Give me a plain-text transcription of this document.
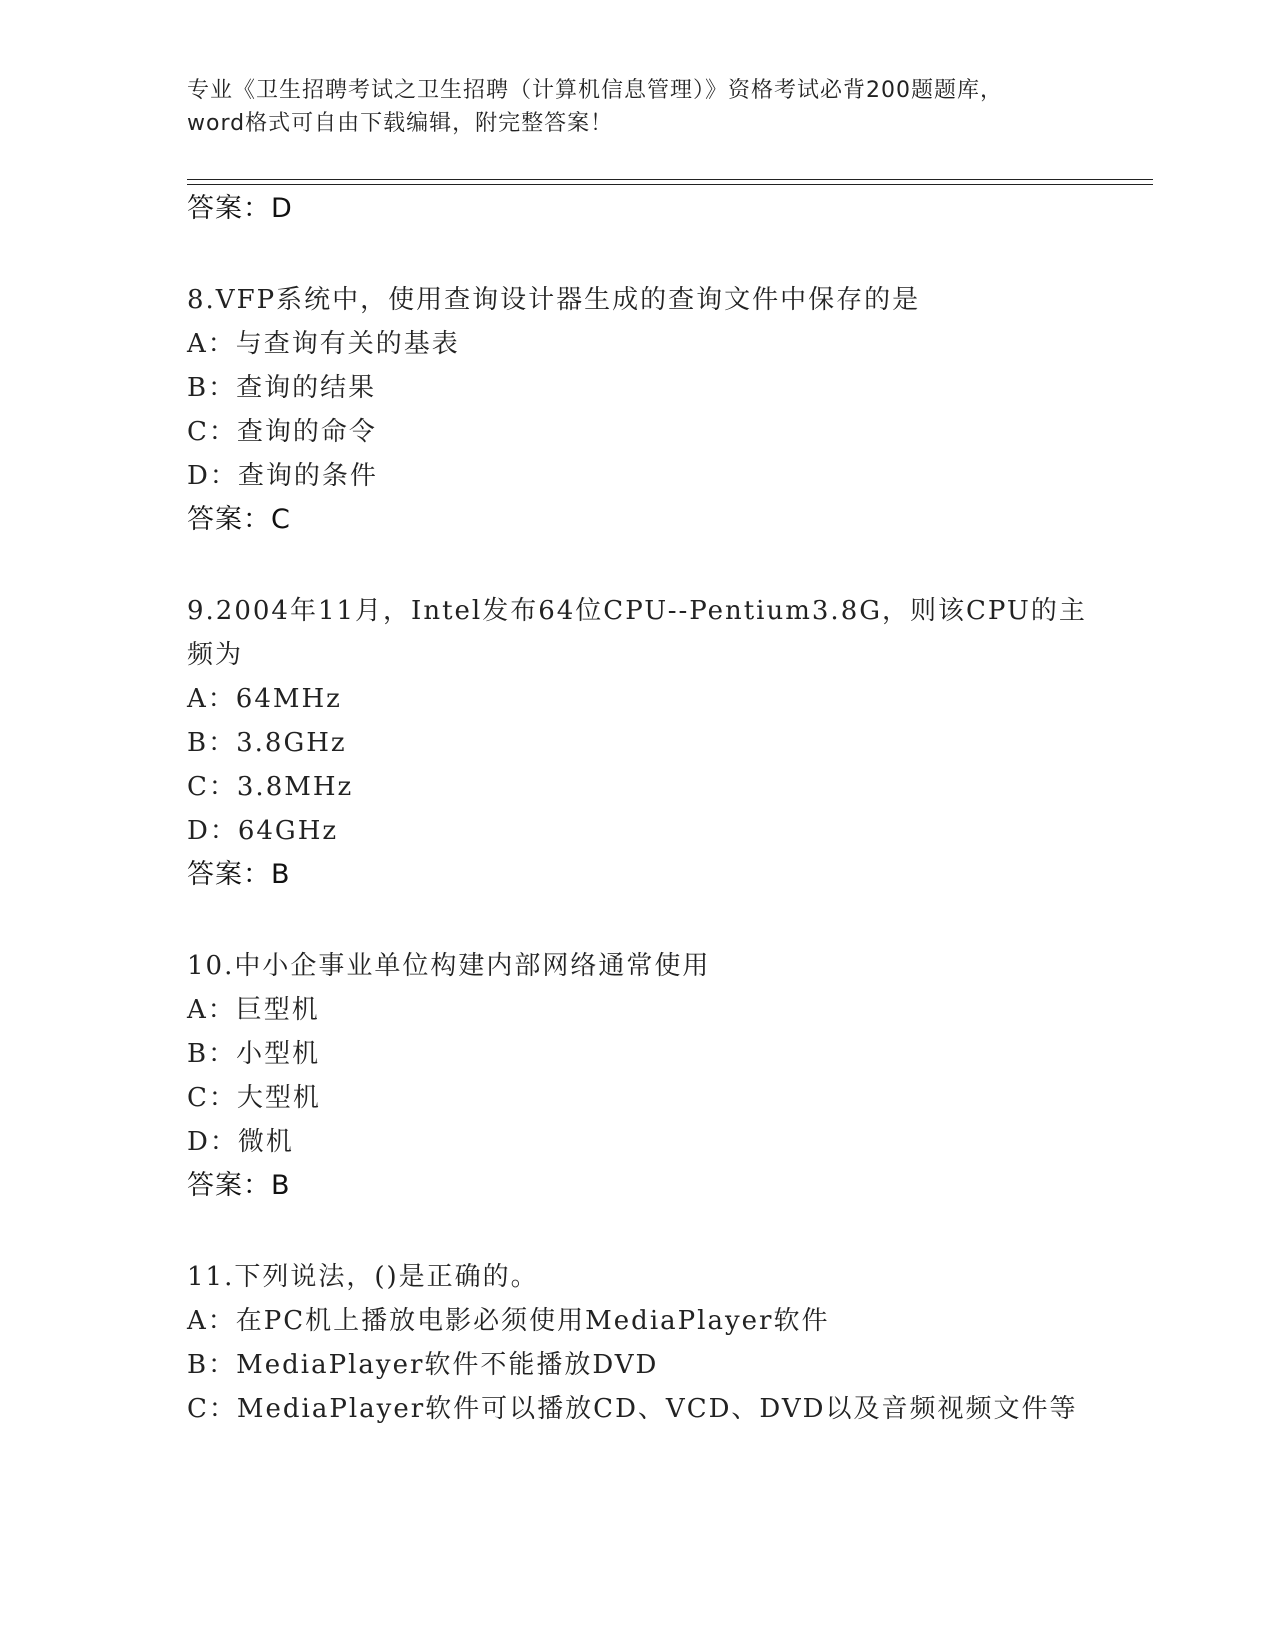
专业《卫生招聘考试之卫生招聘（计算机信息管理）》资格考试必背200题题库，
word格式可自由下载编辑，附完整答案！
答案：D
8.VFP系统中，使用查询设计器生成的查询文件中保存的是
A：与查询有关的基表
B：查询的结果
C：查询的命令
D：查询的条件
答案：C
9.2004年11月，Intel发布64位CPU--Pentium3.8G，则该CPU的主
频为
A：64MHz
B：3.8GHz
C：3.8MHz
D：64GHz
答案：B
10.中小企事业单位构建内部网络通常使用
A：巨型机
B：小型机
C：大型机
D：微机
答案：B
11.下列说法，()是正确的。
A：在PC机上播放电影必须使用MediaPlayer软件
B：MediaPlayer软件不能播放DVD
C：MediaPlayer软件可以播放CD、VCD、DVD以及音频视频文件等
